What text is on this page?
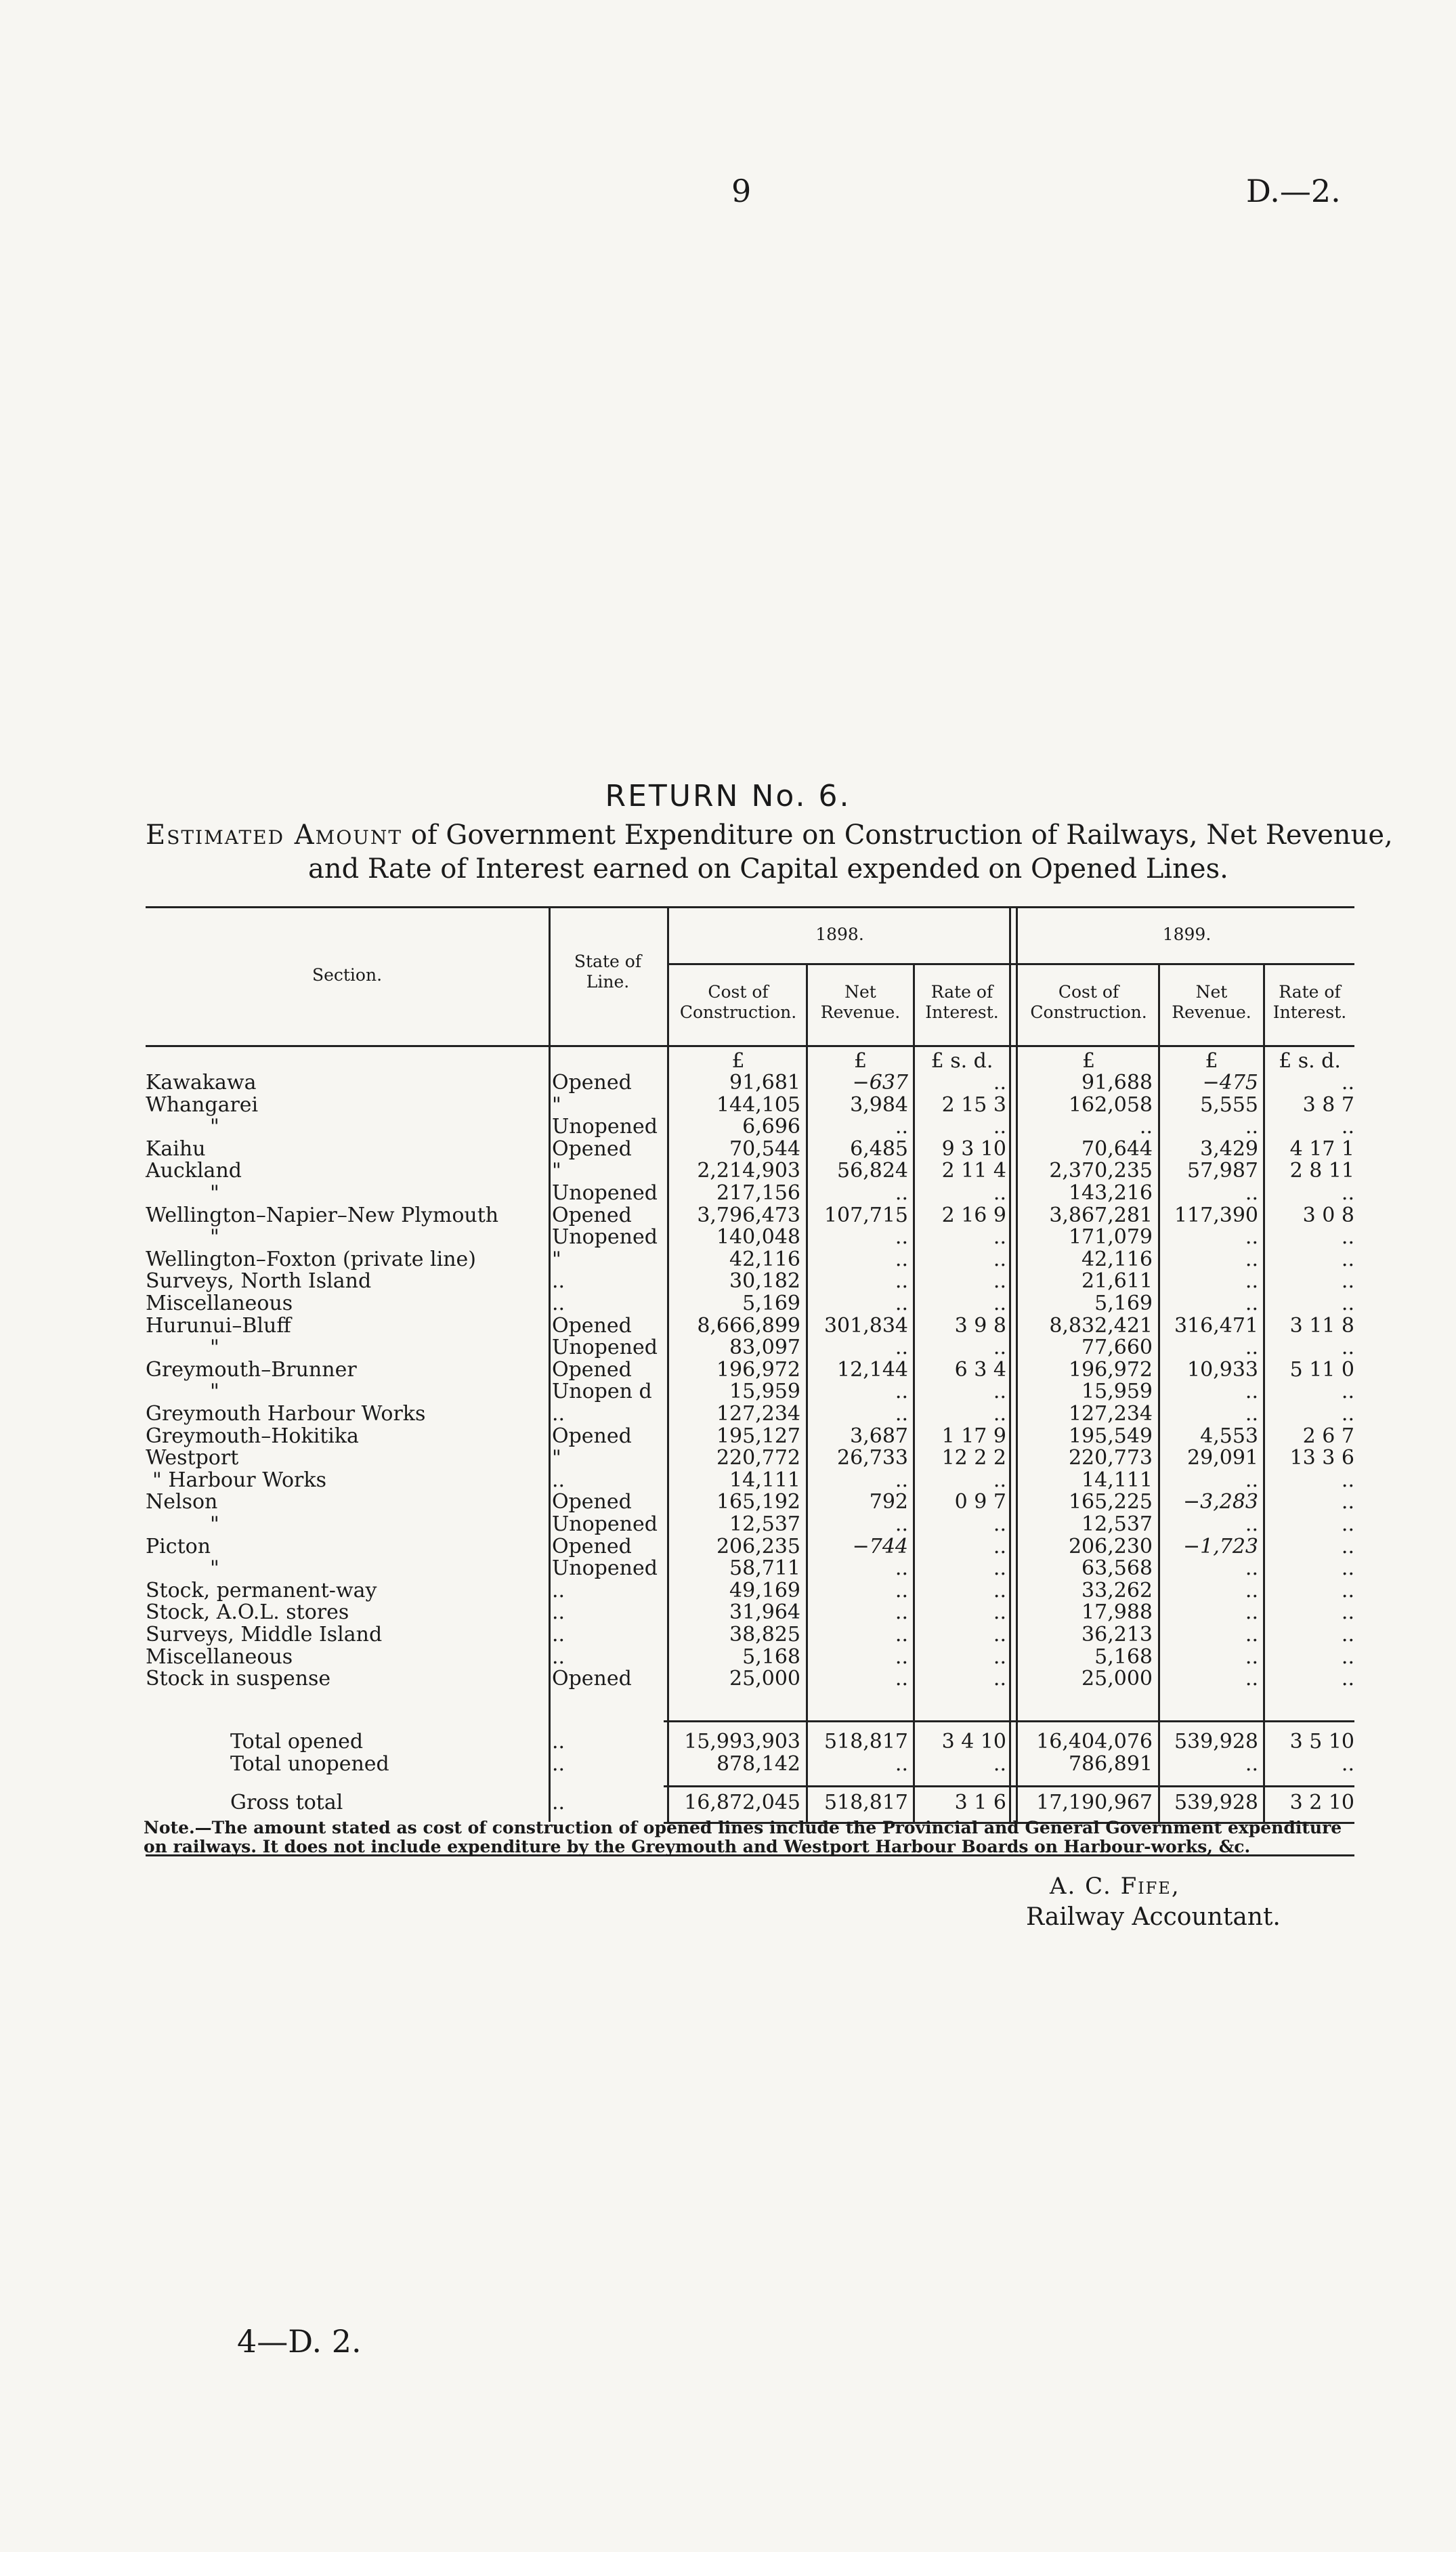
9	D.—2.
RETURN No. 6.
Estimated Amount of Government Expenditure on Construction of Railways, Net Revenue,
and Rate of Interest earned on Capital expended on Opened Lines.
Section.
State of Line.
1898.	1899.
Cost of Construction.
Net Revenue.
Rate of Interest.
Cost of Construction.
Net Revenue.
Rate of Interest.
£	£	£ s. d.	£	£	£ s. d.
Kawakawa	Opened	91,681	−637	..	91,688	−475	..
Whangarei	"	144,105	3,984	2 15 3	162,058	5,555	3 8 7
"	Unopened	6,696	..	..	..	..	..
Kaihu	Opened	70,544	6,485	9 3 10	70,644	3,429	4 17 1
Auckland	"	2,214,903	56,824	2 11 4	2,370,235	57,987	2 8 11
"	Unopened	217,156	..	..	143,216	..	..
Wellington–Napier–New Plymouth	Opened	3,796,473	107,715	2 16 9	3,867,281	117,390	3 0 8
"	Unopened	140,048	..	..	171,079	..	..
Wellington–Foxton (private line)	"	42,116	..	..	42,116	..	..
Surveys, North Island	..	30,182	..	..	21,611	..	..
Miscellaneous	..	5,169	..	..	5,169	..	..
Hurunui–Bluff	Opened	8,666,899	301,834	3 9 8	8,832,421	316,471	3 11 8
"	Unopened	83,097	..	..	77,660	..	..
Greymouth–Brunner	Opened	196,972	12,144	6 3 4	196,972	10,933	5 11 0
"	Unopen d	15,959	..	..	15,959	..	..
Greymouth Harbour Works	..	127,234	..	..	127,234	..	..
Greymouth–Hokitika	Opened	195,127	3,687	1 17 9	195,549	4,553	2 6 7
Westport	"	220,772	26,733	12 2 2	220,773	29,091	13 3 6
" Harbour Works	..	14,111	..	..	14,111	..	..
Nelson	Opened	165,192	792	0 9 7	165,225	−3,283	..
"	Unopened	12,537	..	..	12,537	..	..
Picton	Opened	206,235	−744	..	206,230	−1,723	..
"	Unopened	58,711	..	..	63,568	..	..
Stock, permanent-way	..	49,169	..	..	33,262	..	..
Stock, A.O.L. stores	..	31,964	..	..	17,988	..	..
Surveys, Middle Island	..	38,825	..	..	36,213	..	..
Miscellaneous	..	5,168	..	..	5,168	..	..
Stock in suspense	Opened	25,000	..	..	25,000	..	..
Total opened	..	15,993,903	518,817	3 4 10	16,404,076	539,928	3 5 10
Total unopened	..	878,142	..	..	786,891	..	..
Gross total	..	16,872,045	518,817	3 1 6	17,190,967	539,928	3 2 10
Note.—The amount stated as cost of construction of opened lines include the Provincial and General Government expenditure on railways. It does not include expenditure by the Greymouth and Westport Harbour Boards on Harbour-works, &c.
A. C. Fife,
Railway Accountant.
4—D. 2.
